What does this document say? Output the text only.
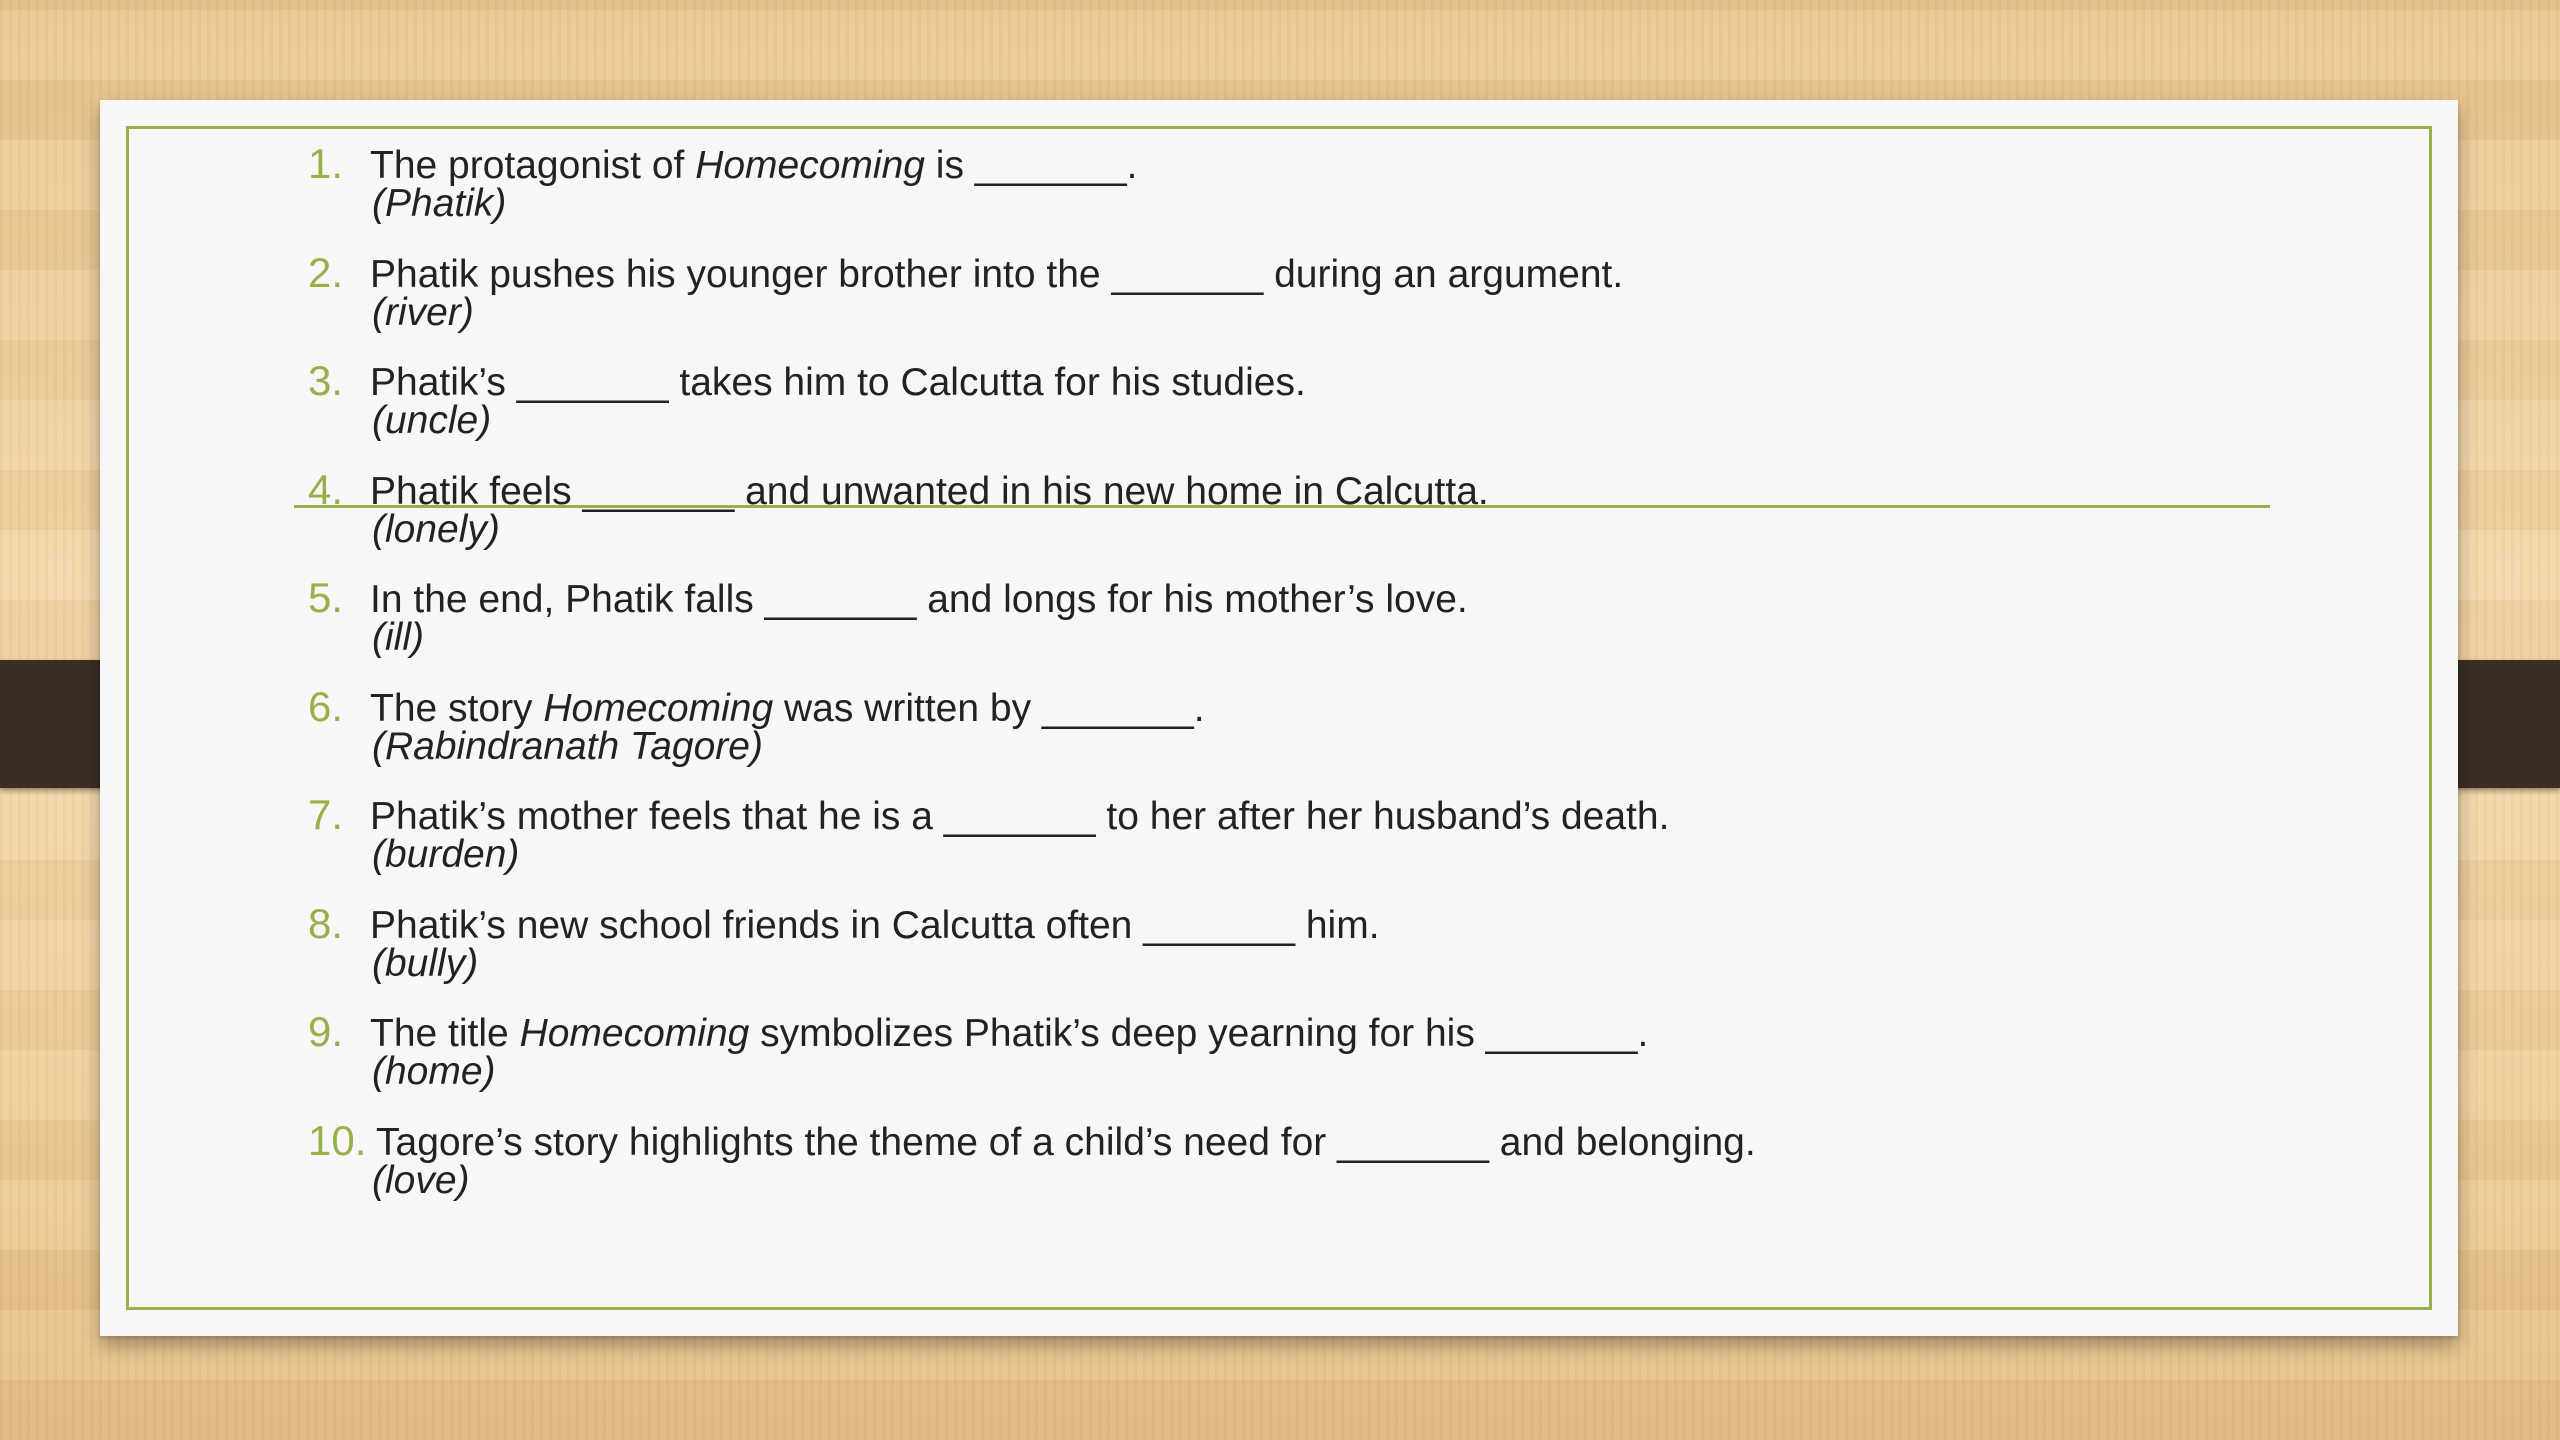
1. The protagonist of Homecoming is _______.
(Phatik)
2. Phatik pushes his younger brother into the _______ during an argument.
(river)
3. Phatik’s _______ takes him to Calcutta for his studies.
(uncle)
4. Phatik feels _______ and unwanted in his new home in Calcutta.
(lonely)
5. In the end, Phatik falls _______ and longs for his mother’s love.
(ill)
6. The story Homecoming was written by _______.
(Rabindranath Tagore)
7. Phatik’s mother feels that he is a _______ to her after her husband’s death.
(burden)
8. Phatik’s new school friends in Calcutta often _______ him.
(bully)
9. The title Homecoming symbolizes Phatik’s deep yearning for his _______.
(home)
10. Tagore’s story highlights the theme of a child’s need for _______ and belonging.
(love)
